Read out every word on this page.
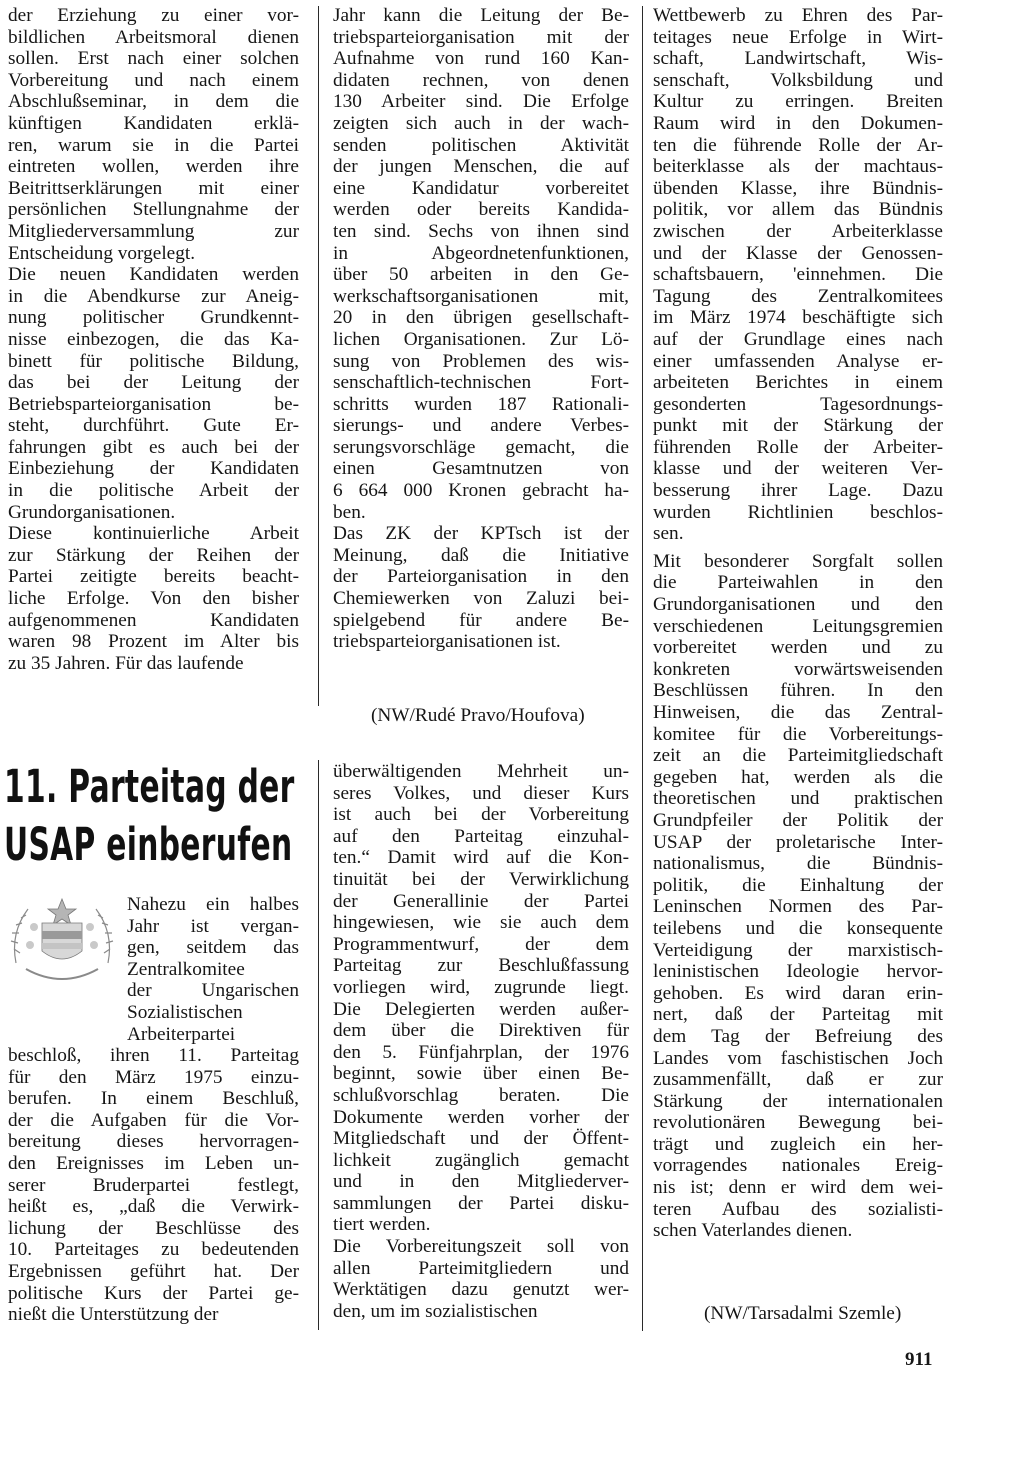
der Erziehung zu einer vor-
bildlichen Arbeitsmoral dienen
sollen. Erst nach einer solchen
Vorbereitung und nach einem
Abschlußseminar, in dem die
künftigen Kandidaten erklä-
ren, warum sie in die Partei
eintreten wollen, werden ihre
Beitrittserklärungen mit einer
persönlichen Stellungnahme der
Mitgliederversammlung zur
Entscheidung vorgelegt.
Die neuen Kandidaten werden
in die Abendkurse zur Aneig-
nung politischer Grundkennt-
nisse einbezogen, die das Ka-
binett für politische Bildung,
das bei der Leitung der
Betriebsparteiorganisation be-
steht, durchführt. Gute Er-
fahrungen gibt es auch bei der
Einbeziehung der Kandidaten
in die politische Arbeit der
Grundorganisationen.
Diese kontinuierliche Arbeit
zur Stärkung der Reihen der
Partei zeitigte bereits beacht-
liche Erfolge. Von den bisher
aufgenommenen Kandidaten
waren 98 Prozent im Alter bis
zu 35 Jahren. Für das laufende
Jahr kann die Leitung der Be-
triebsparteiorganisation mit der
Aufnahme von rund 160 Kan-
didaten rechnen, von denen
130 Arbeiter sind. Die Erfolge
zeigten sich auch in der wach-
senden politischen Aktivität
der jungen Menschen, die auf
eine Kandidatur vorbereitet
werden oder bereits Kandida-
ten sind. Sechs von ihnen sind
in Abgeordnetenfunktionen,
über 50 arbeiten in den Ge-
werkschaftsorganisationen mit,
20 in den übrigen gesellschaft-
lichen Organisationen. Zur Lö-
sung von Problemen des wis-
senschaftlich-technischen Fort-
schritts wurden 187 Rationali-
sierungs- und andere Verbes-
serungsvorschläge gemacht, die
einen Gesamtnutzen von
6 664 000 Kronen gebracht ha-
ben.
Das ZK der KPTsch ist der
Meinung, daß die Initiative
der Parteiorganisation in den
Chemiewerken von Zaluzi bei-
spielgebend für andere Be-
triebsparteiorganisationen ist.
(NW/Rudé Pravo/Houfova)
Wettbewerb zu Ehren des Par-
teitages neue Erfolge in Wirt-
schaft, Landwirtschaft, Wis-
senschaft, Volksbildung und
Kultur zu erringen. Breiten
Raum wird in den Dokumen-
ten die führende Rolle der Ar-
beiterklasse als der machtaus-
übenden Klasse, ihre Bündnis-
politik, vor allem das Bündnis
zwischen der Arbeiterklasse
und der Klasse der Genossen-
schaftsbauern, 'einnehmen. Die
Tagung des Zentralkomitees
im März 1974 beschäftigte sich
auf der Grundlage eines nach
einer umfassenden Analyse er-
arbeiteten Berichtes in einem
gesonderten Tagesordnungs-
punkt mit der Stärkung der
führenden Rolle der Arbeiter-
klasse und der weiteren Ver-
besserung ihrer Lage. Dazu
wurden Richtlinien beschlos-
sen.
Mit besonderer Sorgfalt sollen
die Parteiwahlen in den
Grundorganisationen und den
verschiedenen Leitungsgremien
vorbereitet werden und zu
konkreten vorwärtsweisenden
Beschlüssen führen. In den
Hinweisen, die das Zentral-
komitee für die Vorbereitungs-
zeit an die Parteimitgliedschaft
gegeben hat, werden als die
theoretischen und praktischen
Grundpfeiler der Politik der
USAP der proletarische Inter-
nationalismus, die Bündnis-
politik, die Einhaltung der
Leninschen Normen des Par-
teilebens und die konsequente
Verteidigung der marxistisch-
leninistischen Ideologie hervor-
gehoben. Es wird daran erin-
nert, daß der Parteitag mit
dem Tag der Befreiung des
Landes vom faschistischen Joch
zusammenfällt, daß er zur
Stärkung der internationalen
revolutionären Bewegung bei-
trägt und zugleich ein her-
vorragendes nationales Ereig-
nis ist; denn er wird dem wei-
teren Aufbau des sozialisti-
schen Vaterlandes dienen.
(NW/Tarsadalmi Szemle)
11. Parteitag der
USAP einberufen
Nahezu ein halbes
Jahr ist vergan-
gen, seitdem das
Zentralkomitee
der Ungarischen
Sozialistischen
Arbeiterpartei
beschloß, ihren 11. Parteitag
für den März 1975 einzu-
berufen. In einem Beschluß,
der die Aufgaben für die Vor-
bereitung dieses hervorragen-
den Ereignisses im Leben un-
serer Bruderpartei festlegt,
heißt es, „daß die Verwirk-
lichung der Beschlüsse des
10. Parteitages zu bedeutenden
Ergebnissen geführt hat. Der
politische Kurs der Partei ge-
nießt die Unterstützung der
überwältigenden Mehrheit un-
seres Volkes, und dieser Kurs
ist auch bei der Vorbereitung
auf den Parteitag einzuhal-
ten.“ Damit wird auf die Kon-
tinuität bei der Verwirklichung
der Generallinie der Partei
hingewiesen, wie sie auch dem
Programmentwurf, der dem
Parteitag zur Beschlußfassung
vorliegen wird, zugrunde liegt.
Die Delegierten werden außer-
dem über die Direktiven für
den 5. Fünfjahrplan, der 1976
beginnt, sowie über einen Be-
schlußvorschlag beraten. Die
Dokumente werden vorher der
Mitgliedschaft und der Öffent-
lichkeit zugänglich gemacht
und in den Mitgliederver-
sammlungen der Partei disku-
tiert werden.
Die Vorbereitungszeit soll von
allen Parteimitgliedern und
Werktätigen dazu genutzt wer-
den, um im sozialistischen
911
